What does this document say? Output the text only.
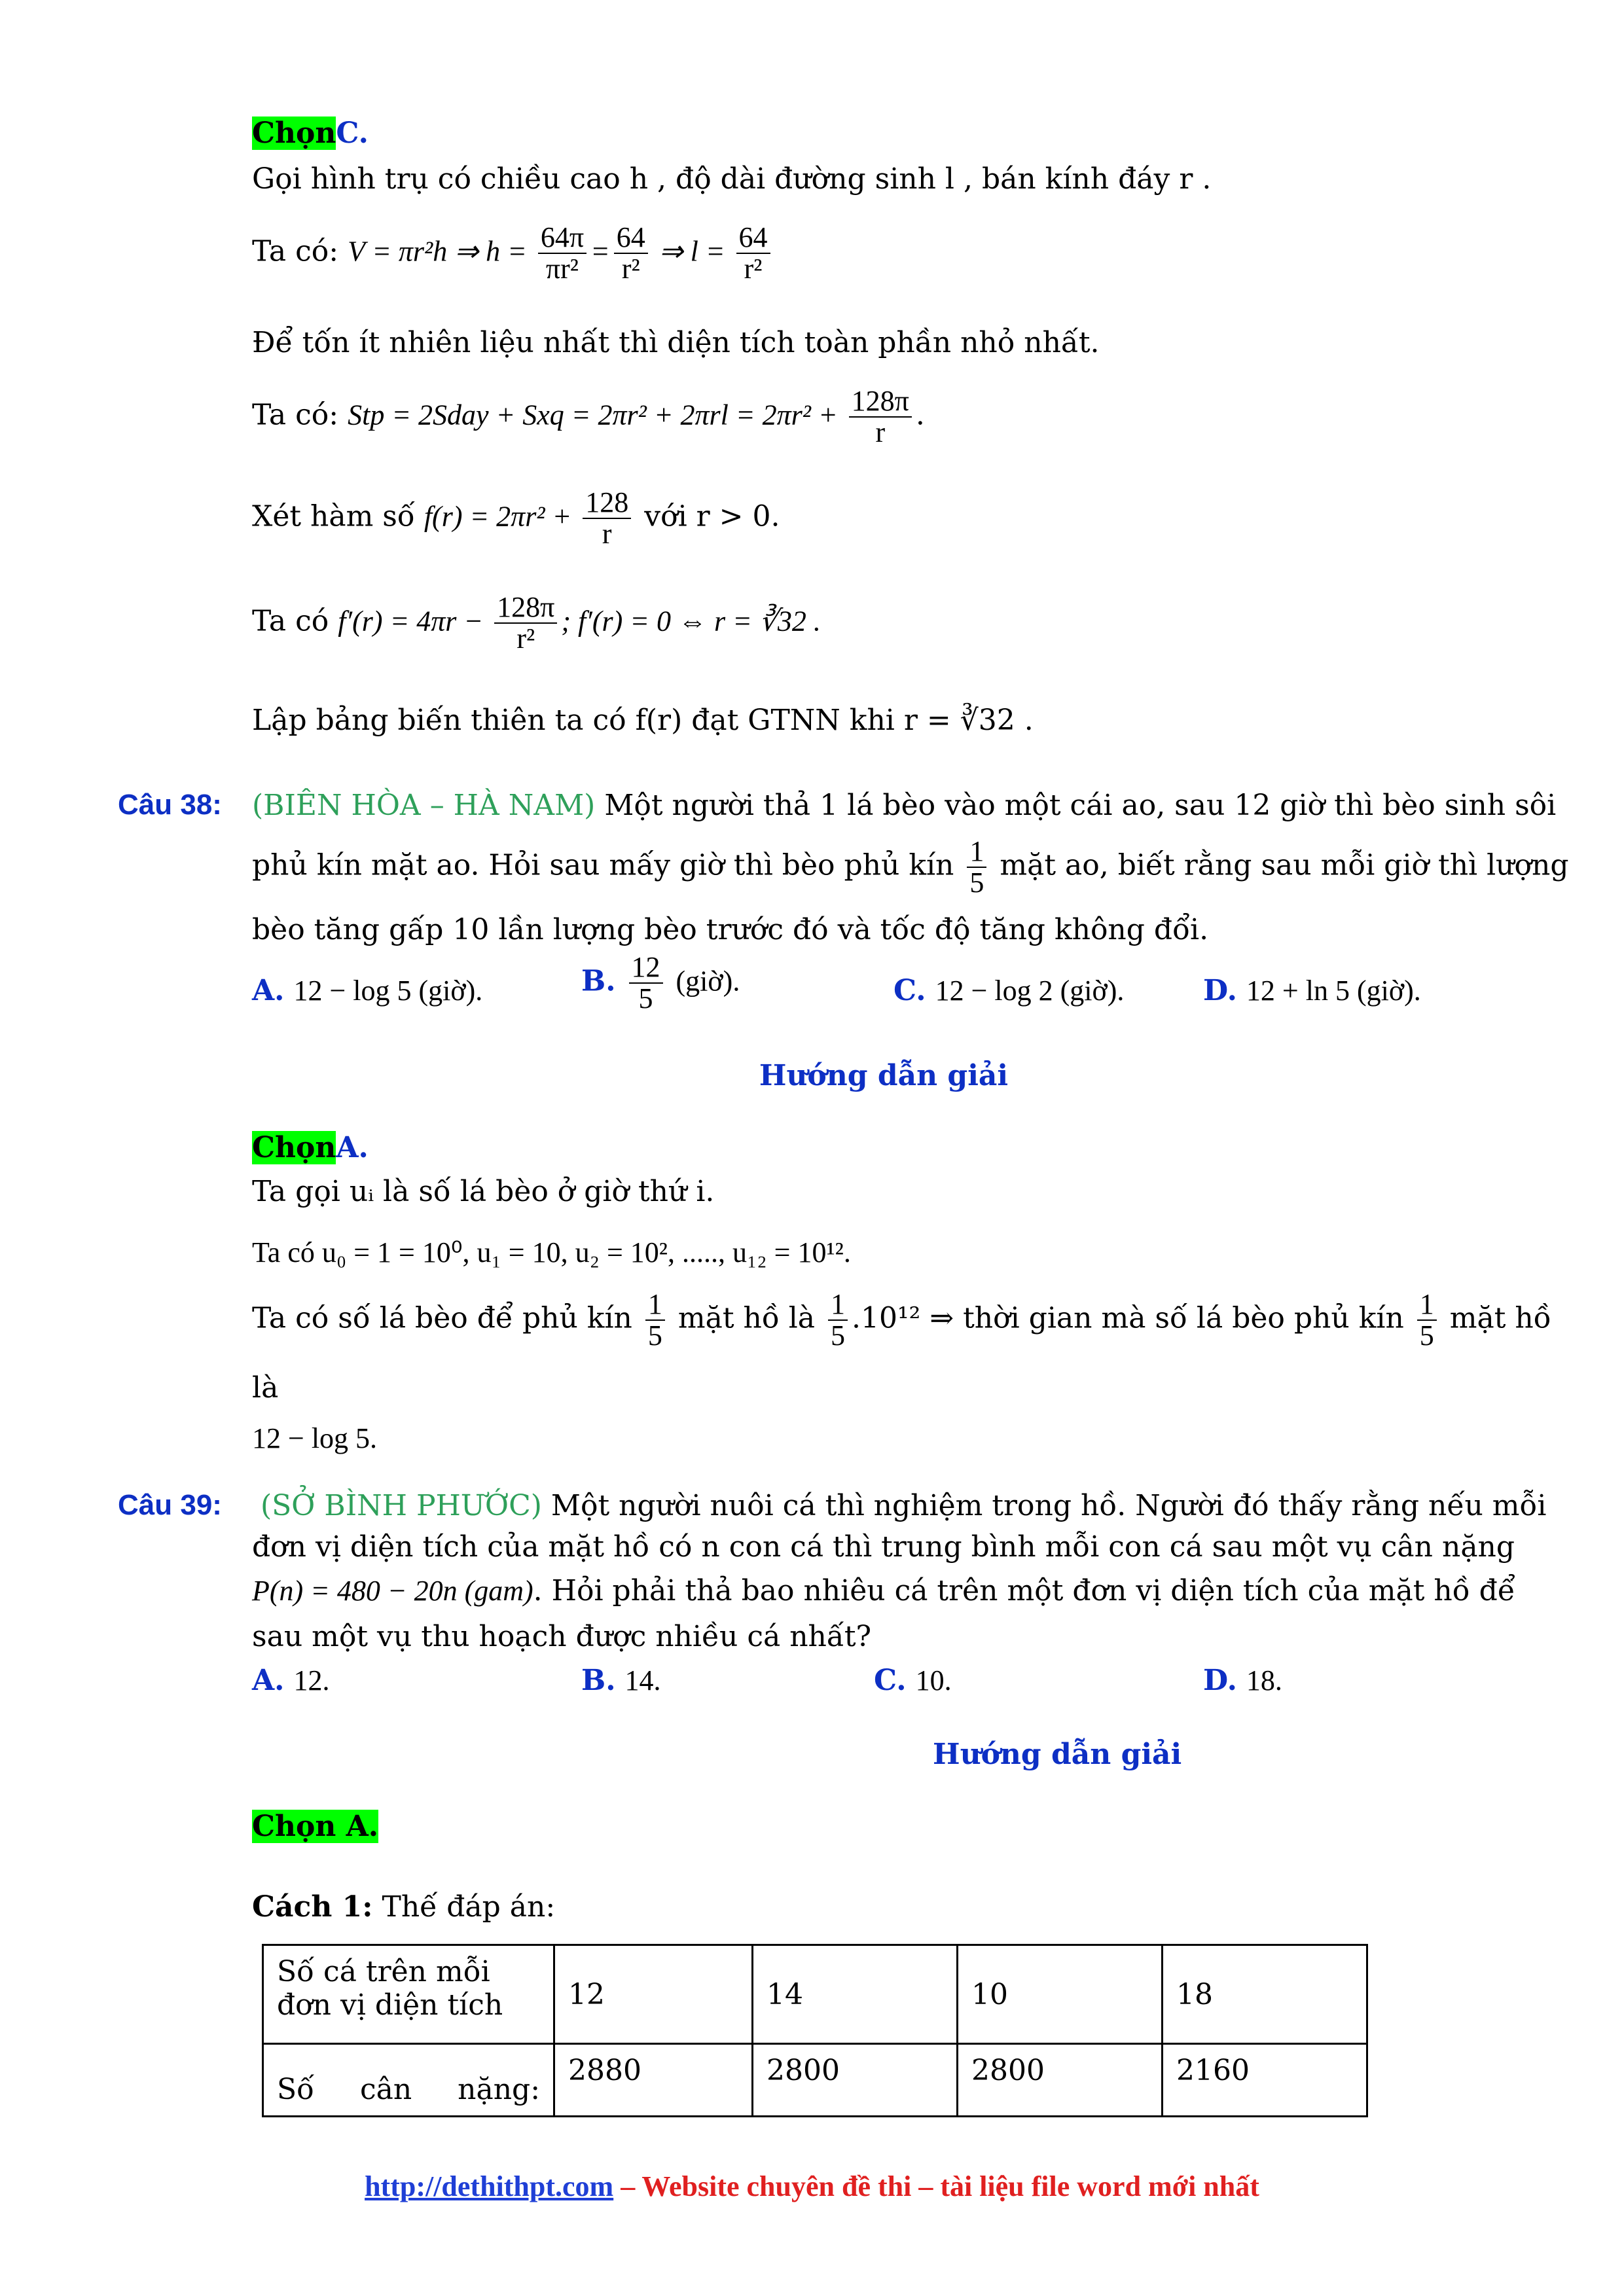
ChọnC.
Gọi hình trụ có chiều cao h , độ dài đường sinh l , bán kính đáy r .
Ta có: V = πr²h ⇒ $h = \frac{64\pi}{\text{πr²}} = \frac{64}{\text{r²}}$ ⇒ $l = \frac{64}{\text{r²}}$
Để tốn ít nhiên liệu nhất thì diện tích toàn phần nhỏ nhất.
Ta có: Stp = 2Sday + Sxq = $2\pi r^2 + 2\pi rl = 2\pi r^2 + \frac{128\pi}{r}$ .
Xét hàm số $f(r) = 2\pi r^2 + \frac{128}{r}$ với r > 0.
Ta có $f'(r) = 4\pi r - \frac{128\pi}{\text{r²}}$ ; f′(r) = 0 ⇔ r = ∛32 .
Lập bảng biến thiên ta có f(r) đạt GTNN khi r = ∛32 .
Câu 38: (BIÊN HÒA – HÀ NAM) Một người thả 1 lá bèo vào một cái ao, sau 12 giờ thì bèo sinh sôi
phủ kín mặt ao. Hỏi sau mấy giờ thì bèo phủ kín $\frac{1}{5}$ mặt ao, biết rằng sau mỗi giờ thì lượng
bèo tăng gấp 10 lần lượng bèo trước đó và tốc độ tăng không đổi.
A. 12 − log 5 (giờ).	B. $\frac{12}{5}$ (giờ).	C. 12 − log 2 (giờ).	D. 12 + ln 5 (giờ).
Hướng dẫn giải
ChọnA.
Ta gọi uᵢ là số lá bèo ở giờ thứ i.
Ta có u₀ = 1 = 10⁰, u₁ = 10, u₂ = 10², ....., u₁₂ = 10¹².
Ta có số lá bèo để phủ kín $\frac{1}{5}$ mặt hồ là $\frac{1}{5} .10^{12}$ ⇒ thời gian mà số lá bèo phủ kín $\frac{1}{5}$ mặt hồ
là
12 − log 5.
Câu 39: (SỞ BÌNH PHƯỚC) Một người nuôi cá thì nghiệm trong hồ. Người đó thấy rằng nếu mỗi
đơn vị diện tích của mặt hồ có n con cá thì trung bình mỗi con cá sau một vụ cân nặng
P(n) = 480 − 20n (gam). Hỏi phải thả bao nhiêu cá trên một đơn vị diện tích của mặt hồ để
sau một vụ thu hoạch được nhiều cá nhất?
A. 12.	B. 14.	C. 10.	D. 18.
Hướng dẫn giải
Chọn A.
Cách 1: Thế đáp án:
Số cá trên mỗi đơn vị diện tích	12	14	10	18
Số     cân     nặng:	2880	2800	2800	2160
http://dethithpt.com – Website chuyên đề thi – tài liệu file word mới nhất
